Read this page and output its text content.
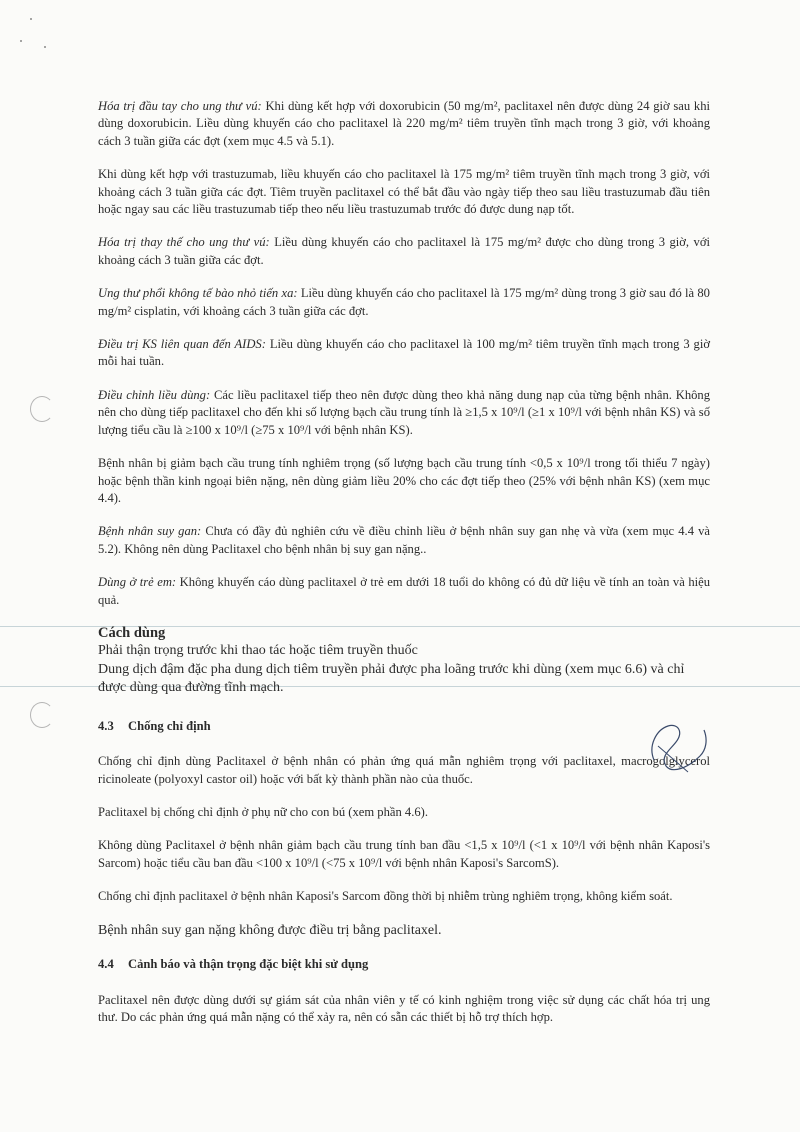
Hóa trị đầu tay cho ung thư vú: Khi dùng kết hợp với doxorubicin (50 mg/m², paclitaxel nên được dùng 24 giờ sau khi dùng doxorubicin. Liều dùng khuyến cáo cho paclitaxel là 220 mg/m² tiêm truyền tĩnh mạch trong 3 giờ, với khoảng cách 3 tuần giữa các đợt (xem mục 4.5 và 5.1).

Khi dùng kết hợp với trastuzumab, liều khuyến cáo cho paclitaxel là 175 mg/m² tiêm truyền tĩnh mạch trong 3 giờ, với khoảng cách 3 tuần giữa các đợt. Tiêm truyền paclitaxel có thể bắt đầu vào ngày tiếp theo sau liều trastuzumab đầu tiên hoặc ngay sau các liều trastuzumab tiếp theo nếu liều trastuzumab trước đó được dung nạp tốt.

Hóa trị thay thế cho ung thư vú: Liều dùng khuyến cáo cho paclitaxel là 175 mg/m² được cho dùng trong 3 giờ, với khoảng cách 3 tuần giữa các đợt.

Ung thư phổi không tế bào nhỏ tiến xa: Liều dùng khuyến cáo cho paclitaxel là 175 mg/m² dùng trong 3 giờ sau đó là 80 mg/m² cisplatin, với khoảng cách 3 tuần giữa các đợt.

Điều trị KS liên quan đến AIDS: Liều dùng khuyến cáo cho paclitaxel là 100 mg/m² tiêm truyền tĩnh mạch trong 3 giờ mỗi hai tuần.

Điều chỉnh liều dùng: Các liều paclitaxel tiếp theo nên được dùng theo khả năng dung nạp của từng bệnh nhân. Không nên cho dùng tiếp paclitaxel cho đến khi số lượng bạch cầu trung tính là ≥1,5 x 10⁹/l (≥1 x 10⁹/l với bệnh nhân KS) và số lượng tiểu cầu là ≥100 x 10⁹/l (≥75 x 10⁹/l với bệnh nhân KS).

Bệnh nhân bị giảm bạch cầu trung tính nghiêm trọng (số lượng bạch cầu trung tính <0,5 x 10⁹/l trong tối thiểu 7 ngày) hoặc bệnh thần kinh ngoại biên nặng, nên dùng giảm liều 20% cho các đợt tiếp theo (25% với bệnh nhân KS) (xem mục 4.4).

Bệnh nhân suy gan: Chưa có đầy đủ nghiên cứu về điều chỉnh liều ở bệnh nhân suy gan nhẹ và vừa (xem mục 4.4 và 5.2). Không nên dùng Paclitaxel cho bệnh nhân bị suy gan nặng..

Dùng ở trẻ em: Không khuyến cáo dùng paclitaxel ở trẻ em dưới 18 tuổi do không có đủ dữ liệu về tính an toàn và hiệu quả.

Cách dùng
Phải thận trọng trước khi thao tác hoặc tiêm truyền thuốc
Dung dịch đậm đặc pha dung dịch tiêm truyền phải được pha loãng trước khi dùng (xem mục 6.6) và chỉ được dùng qua đường tĩnh mạch.
4.3 Chống chỉ định

Chống chỉ định dùng Paclitaxel ở bệnh nhân có phản ứng quá mẫn nghiêm trọng với paclitaxel, macrogolglycerol ricinoleate (polyoxyl castor oil) hoặc với bất kỳ thành phần nào của thuốc.

Paclitaxel bị chống chỉ định ở phụ nữ cho con bú (xem phần 4.6).

Không dùng Paclitaxel ở bệnh nhân giảm bạch cầu trung tính ban đầu <1,5 x 10⁹/l (<1 x 10⁹/l với bệnh nhân Kaposi's Sarcom) hoặc tiểu cầu ban đầu <100 x 10⁹/l (<75 x 10⁹/l với bệnh nhân Kaposi's SarcomS).

Chống chỉ định paclitaxel ở bệnh nhân Kaposi's Sarcom đồng thời bị nhiễm trùng nghiêm trọng, không kiểm soát.

Bệnh nhân suy gan nặng không được điều trị bằng paclitaxel.

4.4 Cảnh báo và thận trọng đặc biệt khi sử dụng

Paclitaxel nên được dùng dưới sự giám sát của nhân viên y tế có kinh nghiệm trong việc sử dụng các chất hóa trị ung thư. Do các phản ứng quá mẫn nặng có thể xảy ra, nên có sẵn các thiết bị hỗ trợ thích hợp.
